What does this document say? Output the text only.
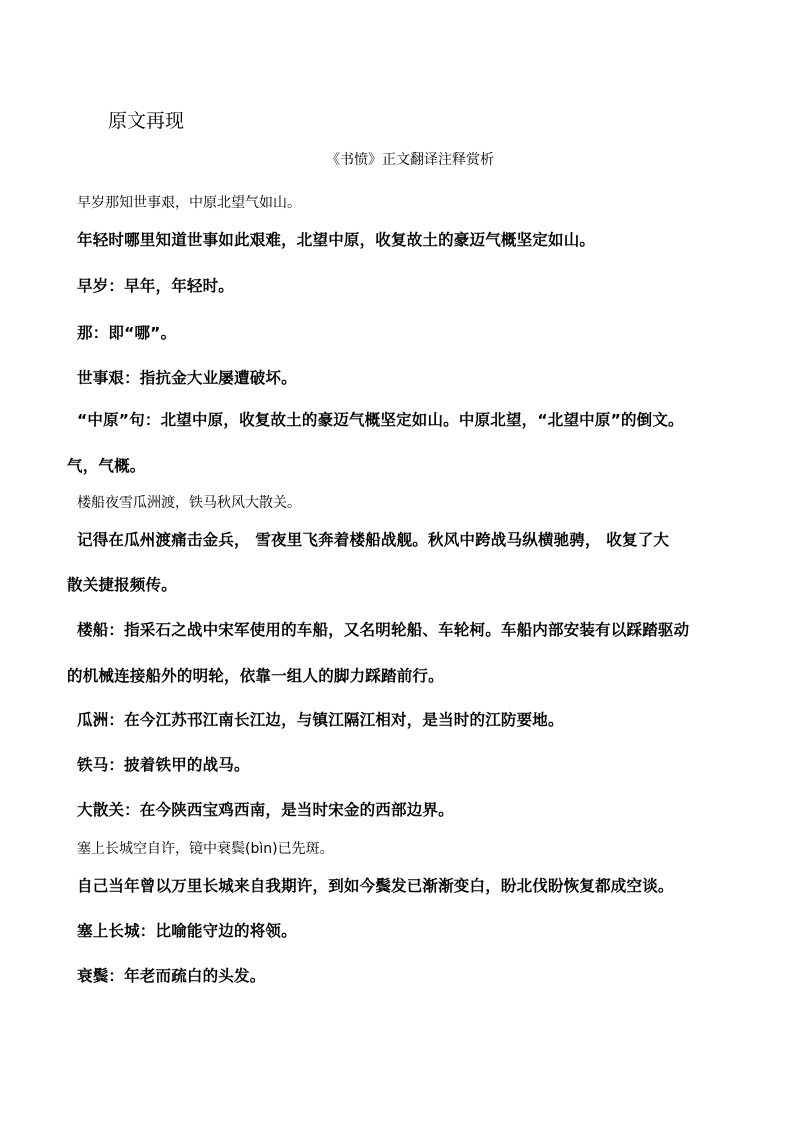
原文再现
《书愤》正文翻译注释赏析
早岁那知世事艰，中原北望气如山。
年轻时哪里知道世事如此艰难，北望中原，收复故土的豪迈气概坚定如山。
早岁：早年，年轻时。
那：即“哪”。
世事艰：指抗金大业屡遭破坏。
“中原”句：北望中原，收复故土的豪迈气概坚定如山。中原北望，“北望中原”的倒文。
气，气概。
楼船夜雪瓜洲渡，铁马秋风大散关。
记得在瓜州渡痛击金兵， 雪夜里飞奔着楼船战舰。秋风中跨战马纵横驰骋， 收复了大
散关捷报频传。
楼船：指采石之战中宋军使用的车船，又名明轮船、车轮柯。车船内部安装有以踩踏驱动
的机械连接船外的明轮，依靠一组人的脚力踩踏前行。
瓜洲：在今江苏邗江南长江边，与镇江隔江相对，是当时的江防要地。
铁马：披着铁甲的战马。
大散关：在今陕西宝鸡西南，是当时宋金的西部边界。
塞上长城空自许，镜中衰鬓(bìn)已先斑。
自己当年曾以万里长城来自我期许，到如今鬓发已渐渐变白，盼北伐盼恢复都成空谈。
塞上长城：比喻能守边的将领。
衰鬓：年老而疏白的头发。
